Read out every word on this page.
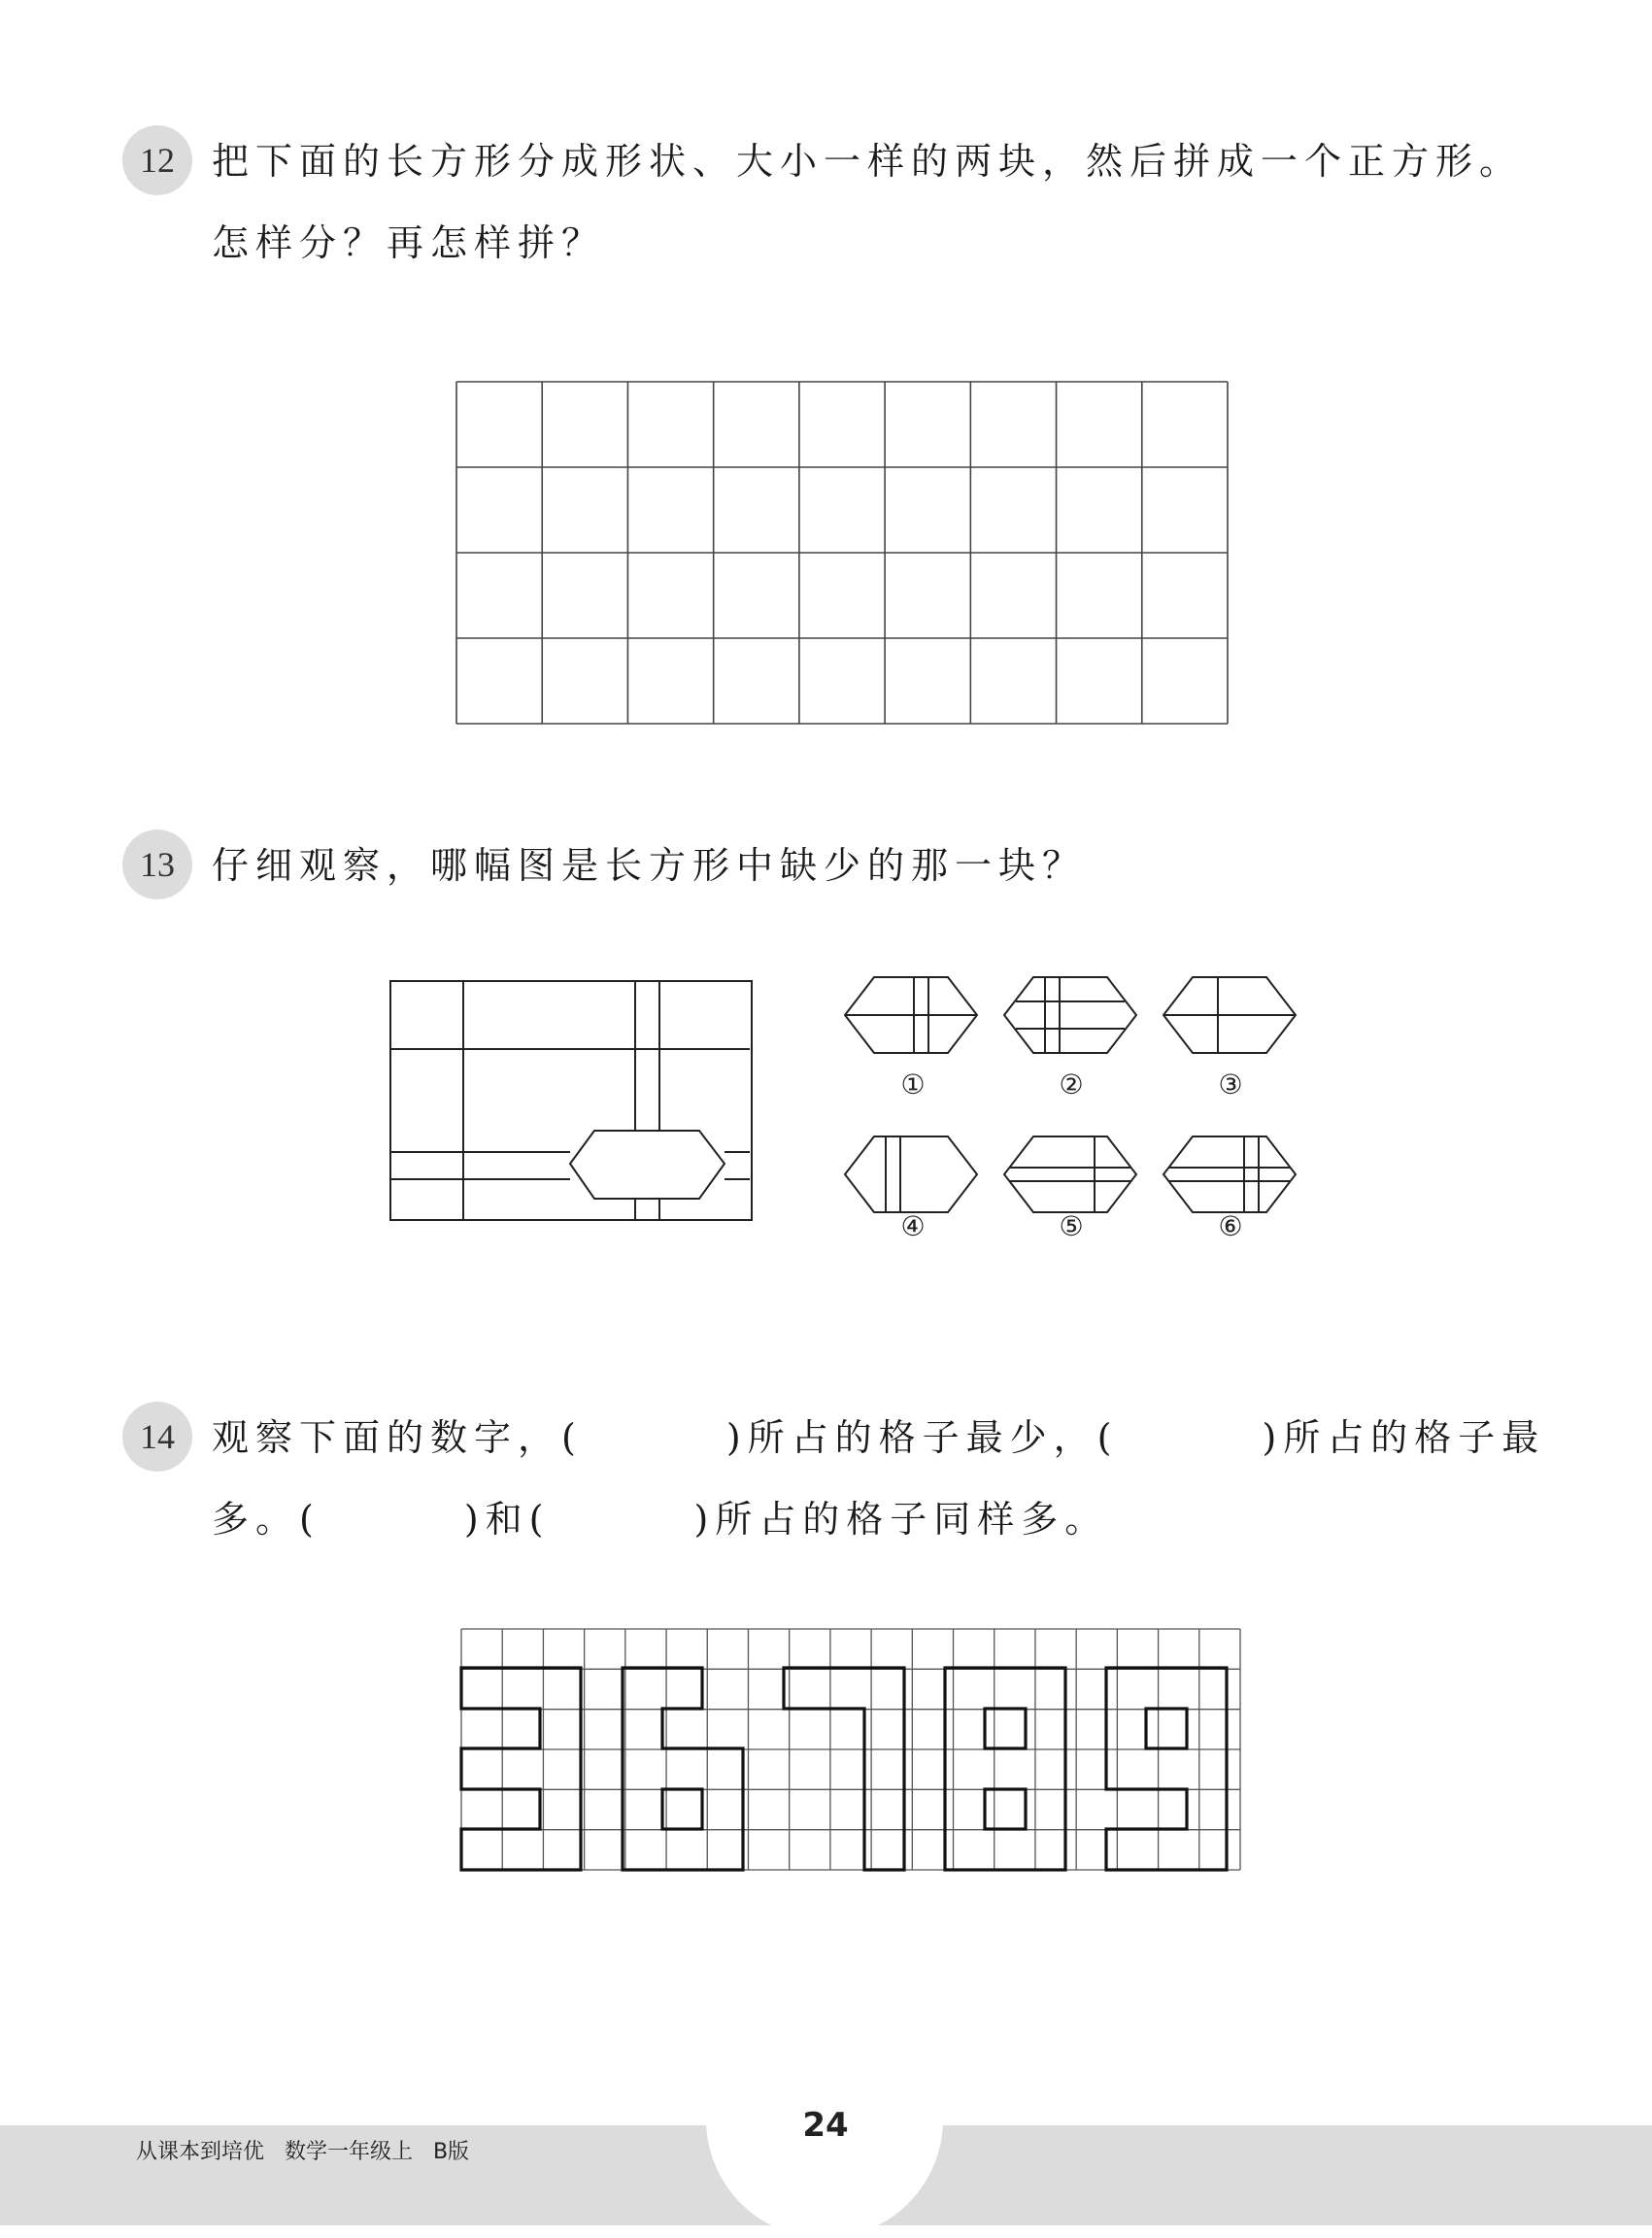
12	把下面的长方形分成形状、大小一样的两块，然后拼成一个正方形。
怎样分？再怎样拼？
13	仔细观察，哪幅图是长方形中缺少的那一块？
①	②	③
④	⑤	⑥
14	观察下面的数字，(	)所占的格子最少，(	)所占的格子最
多。(	)和(	)所占的格子同样多。
从课本到培优   数学一年级上   B版
24
